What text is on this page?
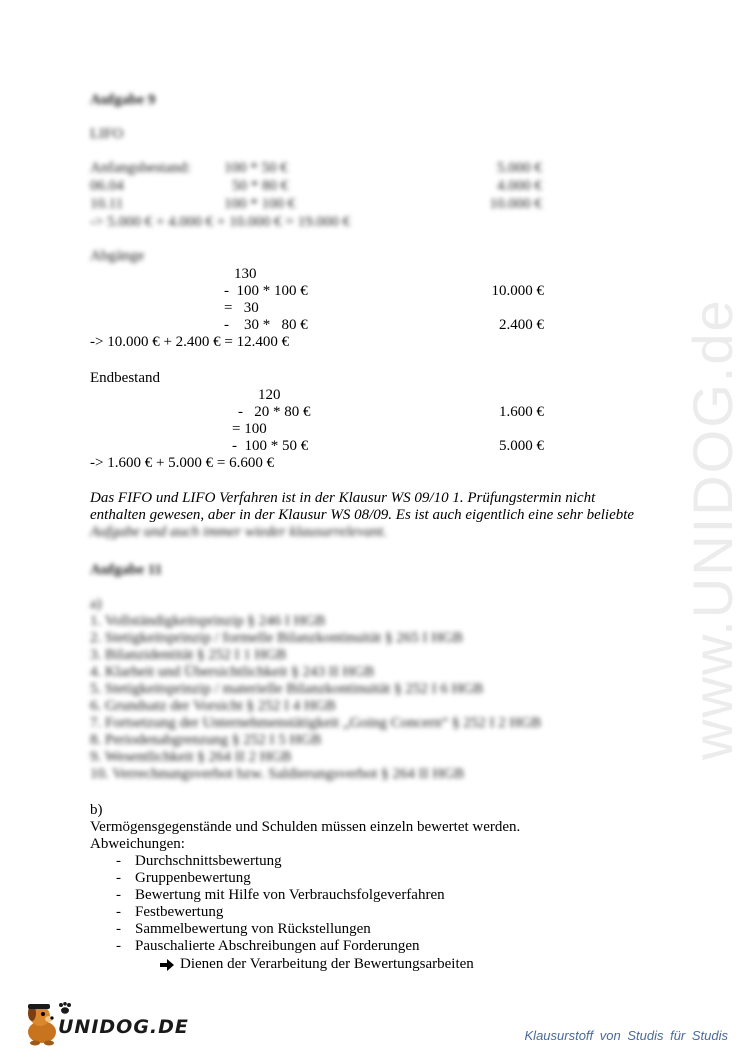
www.UNIDOG.de
Aufgabe 9
LIFO
Anfangsbestand: 100 * 50 €	5.000 €
06.04	50 * 80 €	4.000 €
10.11	100 * 100 €	10.000 €
-> 5.000 € + 4.000 € + 10.000 € = 19.000 €
Abgänge
130
-  100 * 100 €	10.000 €
=   30
-    30 *   80 €	2.400 €
-> 10.000 € + 2.400 € = 12.400 €
Endbestand
120
-   20 * 80 €	1.600 €
= 100
-  100 * 50 €	5.000 €
-> 1.600 € + 5.000 € = 6.600 €
Das FIFO und LIFO Verfahren ist in der Klausur WS 09/10 1. Prüfungstermin nicht
enthalten gewesen, aber in der Klausur WS 08/09. Es ist auch eigentlich eine sehr beliebte
Aufgabe und auch immer wieder klausurrelevant.
Aufgabe 11
a)
1. Vollständigkeitsprinzip § 246 I HGB
2. Stetigkeitsprinzip / formelle Bilanzkontinuität § 265 I HGB
3. Bilanzidentität § 252 I 1 HGB
4. Klarheit und Übersichtlichkeit § 243 II HGB
5. Stetigkeitsprinzip / materielle Bilanzkontinuität § 252 I 6 HGB
6. Grundsatz der Vorsicht § 252 I 4 HGB
7. Fortsetzung der Unternehmenstätigkeit „Going Concern“ § 252 I 2 HGB
8. Periodenabgrenzung § 252 I 5 HGB
9. Wesentlichkeit § 264 II 2 HGB
10. Verrechnungsverbot bzw. Saldierungsverbot § 264 II HGB
b)
Vermögensgegenstände und Schulden müssen einzeln bewertet werden.
Abweichungen:
- Durchschnittsbewertung
- Gruppenbewertung
- Bewertung mit Hilfe von Verbrauchsfolgeverfahren
- Festbewertung
- Sammelbewertung von Rückstellungen
- Pauschalierte Abschreibungen auf Forderungen
Dienen der Verarbeitung der Bewertungsarbeiten
UNIDOG.DE	Klausurstoff von Studis für Studis
